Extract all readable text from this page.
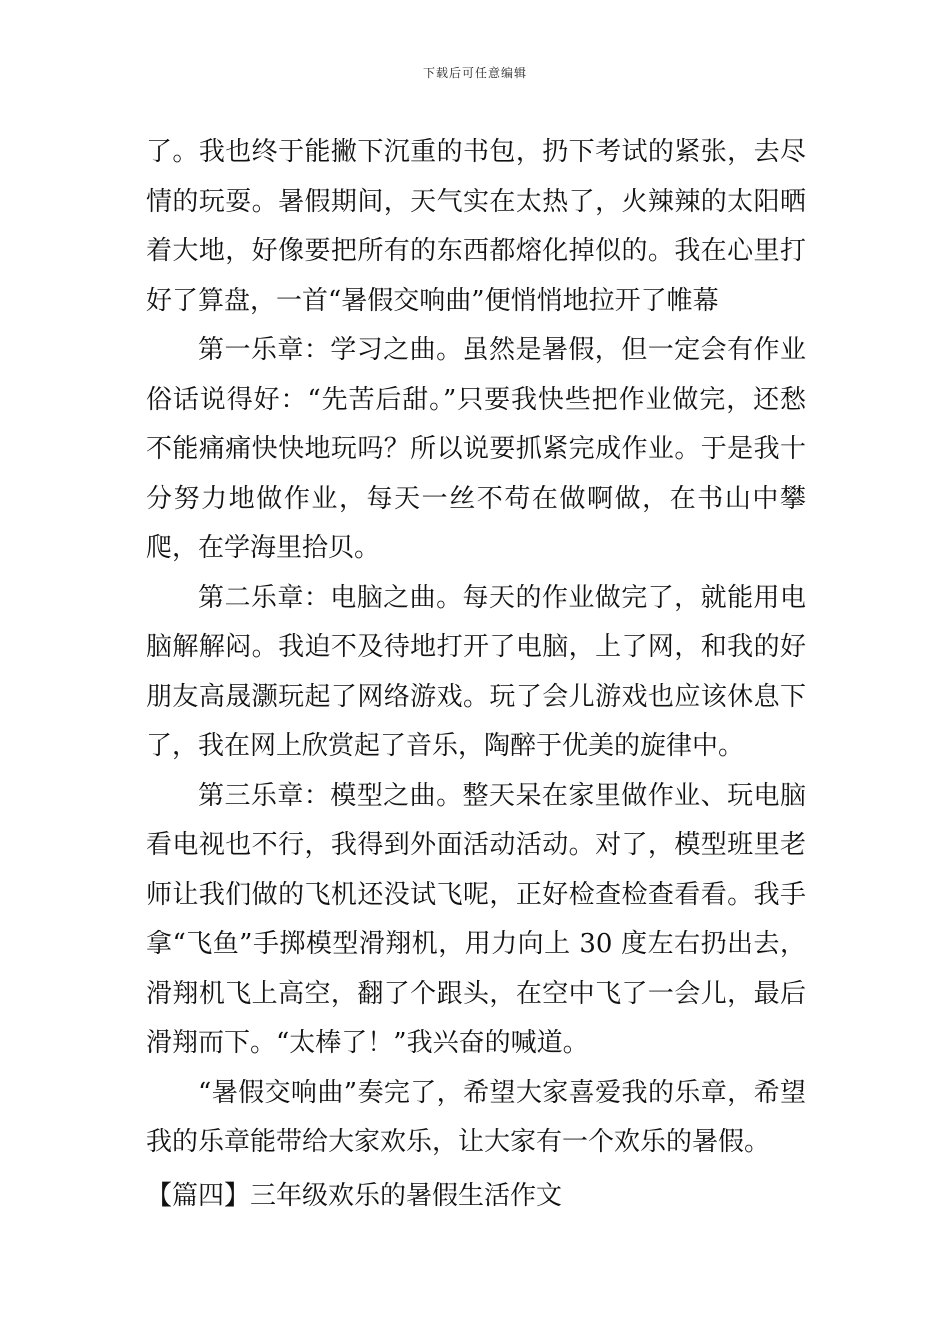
下载后可任意编辑

了。我也终于能撇下沉重的书包，扔下考试的紧张，去尽情的玩耍。暑假期间，天气实在太热了，火辣辣的太阳晒着大地，好像要把所有的东西都熔化掉似的。我在心里打好了算盘，一首“暑假交响曲”便悄悄地拉开了帷幕

第一乐章：学习之曲。虽然是暑假，但一定会有作业俗话说得好：“先苦后甜。”只要我快些把作业做完，还愁不能痛痛快快地玩吗？所以说要抓紧完成作业。于是我十分努力地做作业，每天一丝不苟在做啊做，在书山中攀爬，在学海里拾贝。

第二乐章：电脑之曲。每天的作业做完了，就能用电脑解解闷。我迫不及待地打开了电脑，上了网，和我的好朋友高晟灏玩起了网络游戏。玩了会儿游戏也应该休息下了，我在网上欣赏起了音乐，陶醉于优美的旋律中。

第三乐章：模型之曲。整天呆在家里做作业、玩电脑看电视也不行，我得到外面活动活动。对了，模型班里老师让我们做的飞机还没试飞呢，正好检查检查看看。我手拿“飞鱼”手掷模型滑翔机，用力向上 30 度左右扔出去，滑翔机飞上高空，翻了个跟头，在空中飞了一会儿，最后滑翔而下。“太棒了！”我兴奋的喊道。

“暑假交响曲”奏完了，希望大家喜爱我的乐章，希望我的乐章能带给大家欢乐，让大家有一个欢乐的暑假。

【篇四】三年级欢乐的暑假生活作文
